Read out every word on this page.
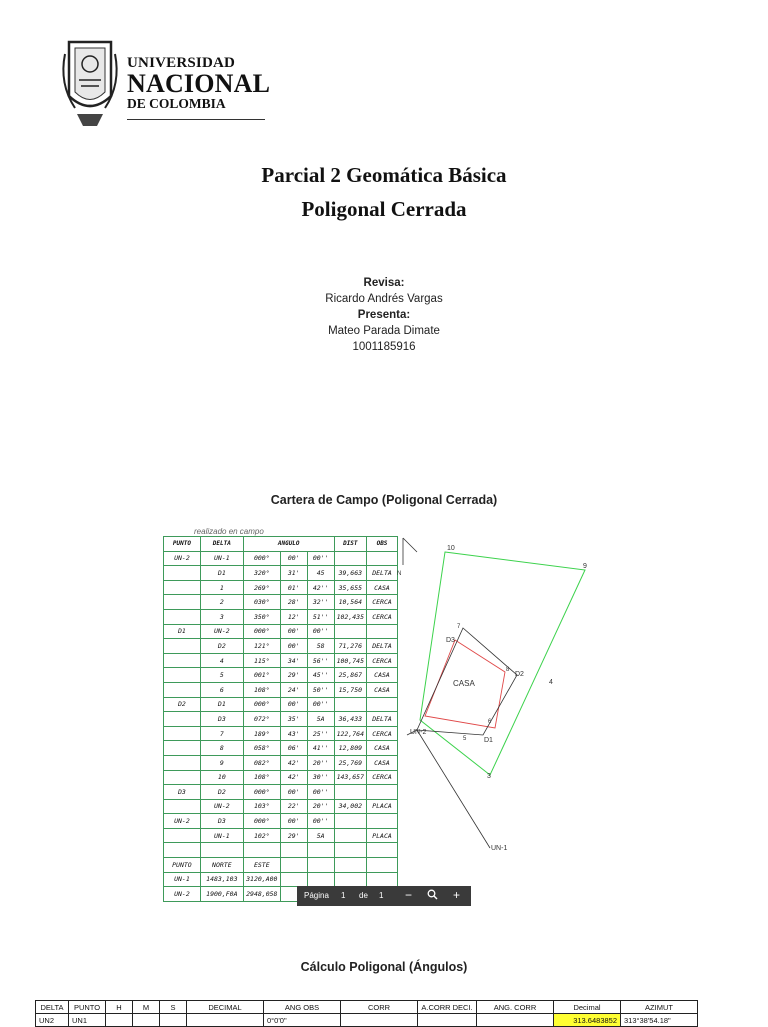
UNIVERSIDAD
NACIONAL
DE COLOMBIA
Parcial 2 Geomática Básica
Poligonal Cerrada
Revisa:
Ricardo Andrés Vargas
Presenta:
Mateo Parada Dimate
1001185916
Cartera de Campo (Poligonal Cerrada)
realizado en campo
PUNTO	DELTA	ANGULO			DIST	OBS
UN-2	UN-1	000°	00'	00''		
	D1	320°	31'	45	39,663	DELTA
	1	269°	01'	42''	35,655	CASA
	2	030°	28'	32''	10,564	CERCA
	3	350°	12'	51''	102,435	CERCA
D1	UN-2	000°	00'	00''		
	D2	121°	00'	58	71,276	DELTA
	4	115°	34'	56''	100,745	CERCA
	5	001°	29'	45''	25,867	CASA
	6	108°	24'	50''	15,750	CASA
D2	D1	000°	00'	00''		
	D3	072°	35'	5A	36,433	DELTA
	7	189°	43'	25''	122,764	CERCA
	8	058°	06'	41''	12,809	CASA
	9	082°	42'	20''	25,769	CASA
	10	108°	42'	30''	143,657	CERCA
D3	D2	000°	00'	00''		
	UN-2	103°	22'	20''	34,002	PLACA
UN-2	D3	000°	00'	00''		
	UN-1	102°	29'	5A		PLACA

PUNTO	NORTE	ESTE				
UN-1	1483,103	3120,A00				
UN-2	1900,F0A	2948,058				
N
10
9
D3
D2
CASA	4
8
5
6
7
D1
UN-2
3
UN-1
Página 1 de 1 −	+
Cálculo Poligonal (Ángulos)
DELTA	PUNTO	H	M	S	DECIMAL	ANG OBS	CORR	A.CORR DECI.	ANG. CORR	Decimal	AZIMUT
UN2	UN1					0°0'0"				313.6483852	313°38'54.18"
